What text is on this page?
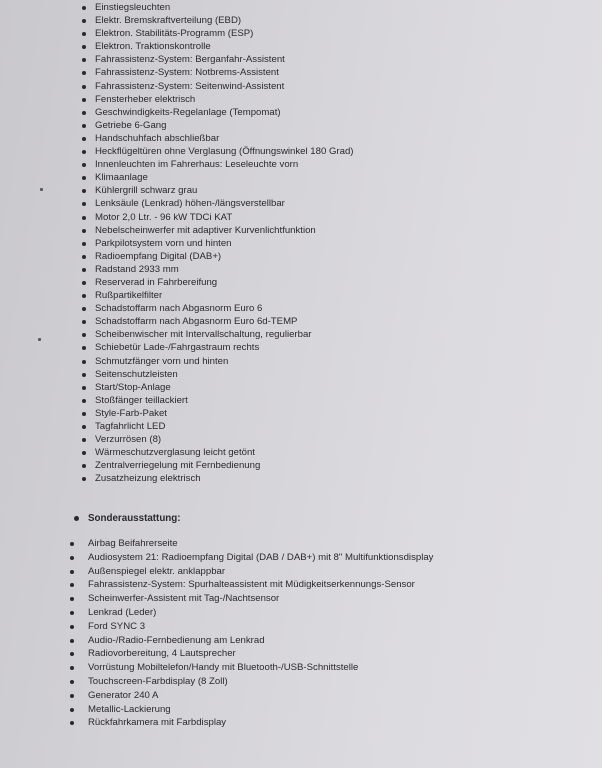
Einstiegsleuchten
Elektr. Bremskraftverteilung (EBD)
Elektron. Stabilitäts-Programm (ESP)
Elektron. Traktionskontrolle
Fahrassistenz-System: Berganfahr-Assistent
Fahrassistenz-System: Notbrems-Assistent
Fahrassistenz-System: Seitenwind-Assistent
Fensterheber elektrisch
Geschwindigkeits-Regelanlage (Tempomat)
Getriebe 6-Gang
Handschuhfach abschließbar
Heckflügeltüren ohne Verglasung (Öffnungswinkel 180 Grad)
Innenleuchten im Fahrerhaus: Leseleuchte vorn
Klimaanlage
Kühlergrill schwarz grau
Lenksäule (Lenkrad) höhen-/längsverstellbar
Motor 2,0 Ltr. - 96 kW TDCi KAT
Nebelscheinwerfer mit adaptiver Kurvenlichtfunktion
Parkpilotsystem vorn und hinten
Radioempfang Digital (DAB+)
Radstand 2933 mm
Reserverad in Fahrbereifung
Rußpartikelfilter
Schadstoffarm nach Abgasnorm Euro 6
Schadstoffarm nach Abgasnorm Euro 6d-TEMP
Scheibenwischer mit Intervallschaltung, regulierbar
Schiebetür Lade-/Fahrgastraum rechts
Schmutzfänger vorn und hinten
Seitenschutzleisten
Start/Stop-Anlage
Stoßfänger teillackiert
Style-Farb-Paket
Tagfahrlicht LED
Verzurrösen (8)
Wärmeschutzverglasung leicht getönt
Zentralverriegelung mit Fernbedienung
Zusatzheizung elektrisch
Sonderausstattung:
Airbag Beifahrerseite
Audiosystem 21: Radioempfang Digital (DAB / DAB+) mit 8" Multifunktionsdisplay
Außenspiegel elektr. anklappbar
Fahrassistenz-System: Spurhalteassistent mit Müdigkeitserkennungs-Sensor
Scheinwerfer-Assistent mit Tag-/Nachtsensor
Lenkrad (Leder)
Ford SYNC 3
Audio-/Radio-Fernbedienung am Lenkrad
Radiovorbereitung, 4 Lautsprecher
Vorrüstung Mobiltelefon/Handy mit Bluetooth-/USB-Schnittstelle
Touchscreen-Farbdisplay (8 Zoll)
Generator 240 A
Metallic-Lackierung
Rückfahrkamera mit Farbdisplay
